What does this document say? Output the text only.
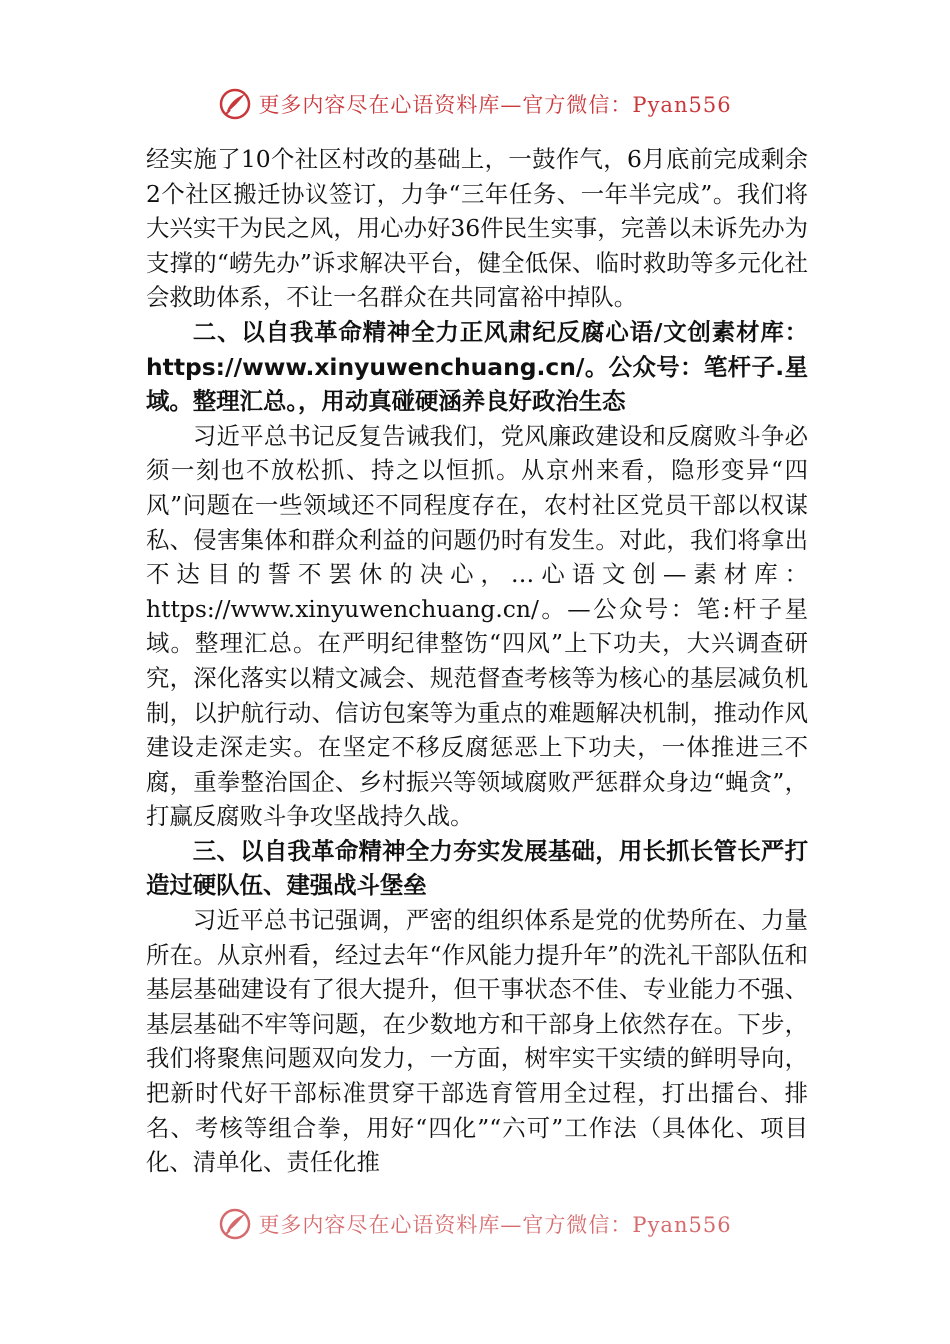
更多内容尽在心语资料库—官方微信：Pyan556

经实施了10个社区村改的基础上，一鼓作气，6月底前完成剩余2个社区搬迁协议签订，力争“三年任务、一年半完成”。我们将大兴实干为民之风，用心办好36件民生实事，完善以未诉先办为支撑的“崂先办”诉求解决平台，健全低保、临时救助等多元化社会救助体系，不让一名群众在共同富裕中掉队。

二、以自我革命精神全力正风肃纪反腐心语/文创素材库：https://www.xinyuwenchuang.cn/。公众号：笔杆子.星域。整理汇总。，用动真碰硬涵养良好政治生态

习近平总书记反复告诫我们，党风廉政建设和反腐败斗争必须一刻也不放松抓、持之以恒抓。从京州来看，隐形变异“四风”问题在一些领域还不同程度存在，农村社区党员干部以权谋私、侵害集体和群众利益的问题仍时有发生。对此，我们将拿出不达目的誓不罢休的决心，…心语文创—素材库：https://www.xinyuwenchuang.cn/。—公众号：笔:杆子星域。整理汇总。在严明纪律整饬“四风”上下功夫，大兴调查研究，深化落实以精文减会、规范督查考核等为核心的基层减负机制，以护航行动、信访包案等为重点的难题解决机制，推动作风建设走深走实。在坚定不移反腐惩恶上下功夫，一体推进三不腐，重拳整治国企、乡村振兴等领域腐败严惩群众身边“蝇贪”，打赢反腐败斗争攻坚战持久战。

三、以自我革命精神全力夯实发展基础，用长抓长管长严打造过硬队伍、建强战斗堡垒

习近平总书记强调，严密的组织体系是党的优势所在、力量所在。从京州看，经过去年“作风能力提升年”的洗礼干部队伍和基层基础建设有了很大提升，但干事状态不佳、专业能力不强、基层基础不牢等问题，在少数地方和干部身上依然存在。下步，我们将聚焦问题双向发力，一方面，树牢实干实绩的鲜明导向，把新时代好干部标准贯穿干部选育管用全过程，打出擂台、排名、考核等组合拳，用好“四化”“六可”工作法（具体化、项目化、清单化、责任化推

更多内容尽在心语资料库—官方微信：Pyan556
